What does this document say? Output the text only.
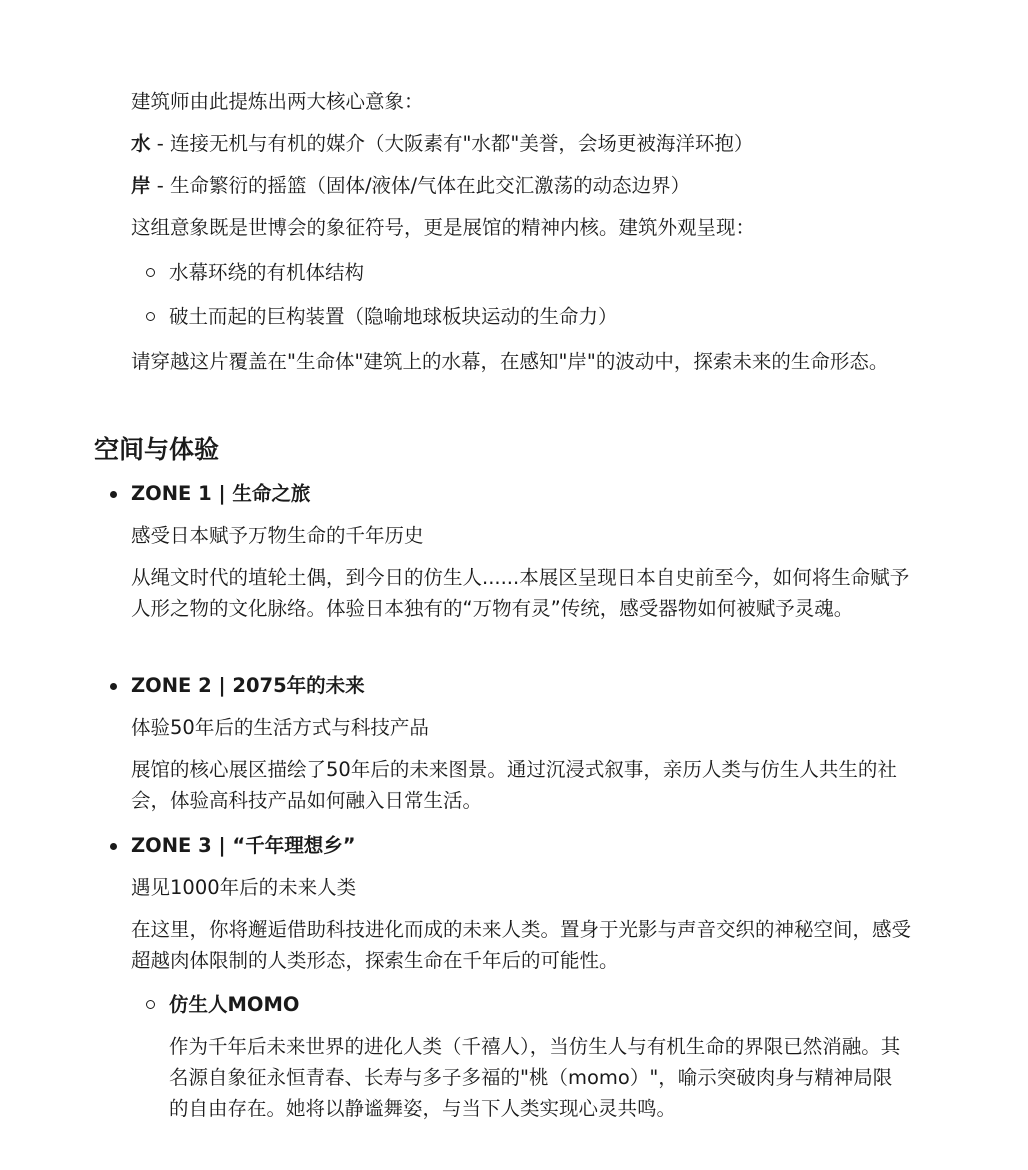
建筑师由此提炼出两大核心意象：

水 - 连接无机与有机的媒介（大阪素有"水都"美誉，会场更被海洋环抱）

岸 - 生命繁衍的摇篮（固体/液体/气体在此交汇激荡的动态边界）

这组意象既是世博会的象征符号，更是展馆的精神内核。建筑外观呈现：

水幕环绕的有机体结构

破土而起的巨构装置（隐喻地球板块运动的生命力）

请穿越这片覆盖在"生命体"建筑上的水幕，在感知"岸"的波动中，探索未来的生命形态。

空间与体验

ZONE 1 | 生命之旅

感受日本赋予万物生命的千年历史

从绳文时代的埴轮土偶，到今日的仿生人......本展区呈现日本自史前至今，如何将生命赋予人形之物的文化脉络。体验日本独有的“万物有灵”传统，感受器物如何被赋予灵魂。

ZONE 2 | 2075年的未来

体验50年后的生活方式与科技产品

展馆的核心展区描绘了50年后的未来图景。通过沉浸式叙事，亲历人类与仿生人共生的社会，体验高科技产品如何融入日常生活。

ZONE 3 | “千年理想乡”

遇见1000年后的未来人类

在这里，你将邂逅借助科技进化而成的未来人类。置身于光影与声音交织的神秘空间，感受超越肉体限制的人类形态，探索生命在千年后的可能性。

仿生人MOMO

作为千年后未来世界的进化人类（千禧人），当仿生人与有机生命的界限已然消融。其名源自象征永恒青春、长寿与多子多福的"桃（momo）"，喻示突破肉身与精神局限的自由存在。她将以静谧舞姿，与当下人类实现心灵共鸣。
